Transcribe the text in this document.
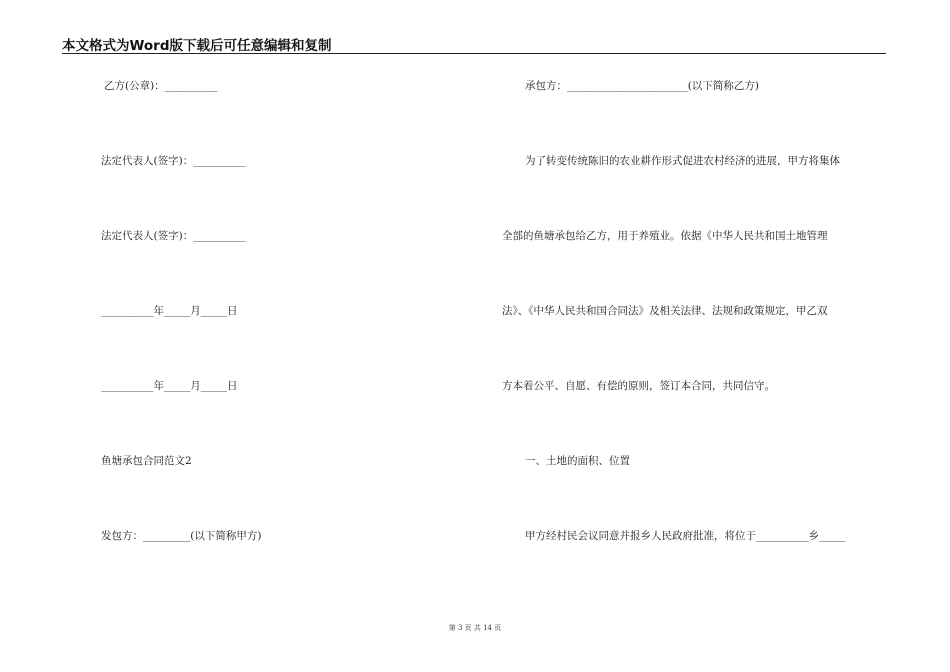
本文格式为Word版下载后可任意编辑和复制
乙方(公章)：__________
法定代表人(签字)：__________
法定代表人(签字)：__________
__________年_____月_____日
__________年_____月_____日
鱼塘承包合同范文2
发包方：_________(以下简称甲方)
承包方：_______________________(以下简称乙方)
为了转变传统陈旧的农业耕作形式促进农村经济的进展，甲方将集体
全部的鱼塘承包给乙方，用于养殖业。依据《中华人民共和国土地管理
法》、《中华人民共和国合同法》及相关法律、法规和政策规定，甲乙双
方本着公平、自愿、有偿的原则，签订本合同，共同信守。
一、土地的面积、位置
甲方经村民会议同意并报乡人民政府批准，将位于__________乡_____
第 3 页 共 14 页
